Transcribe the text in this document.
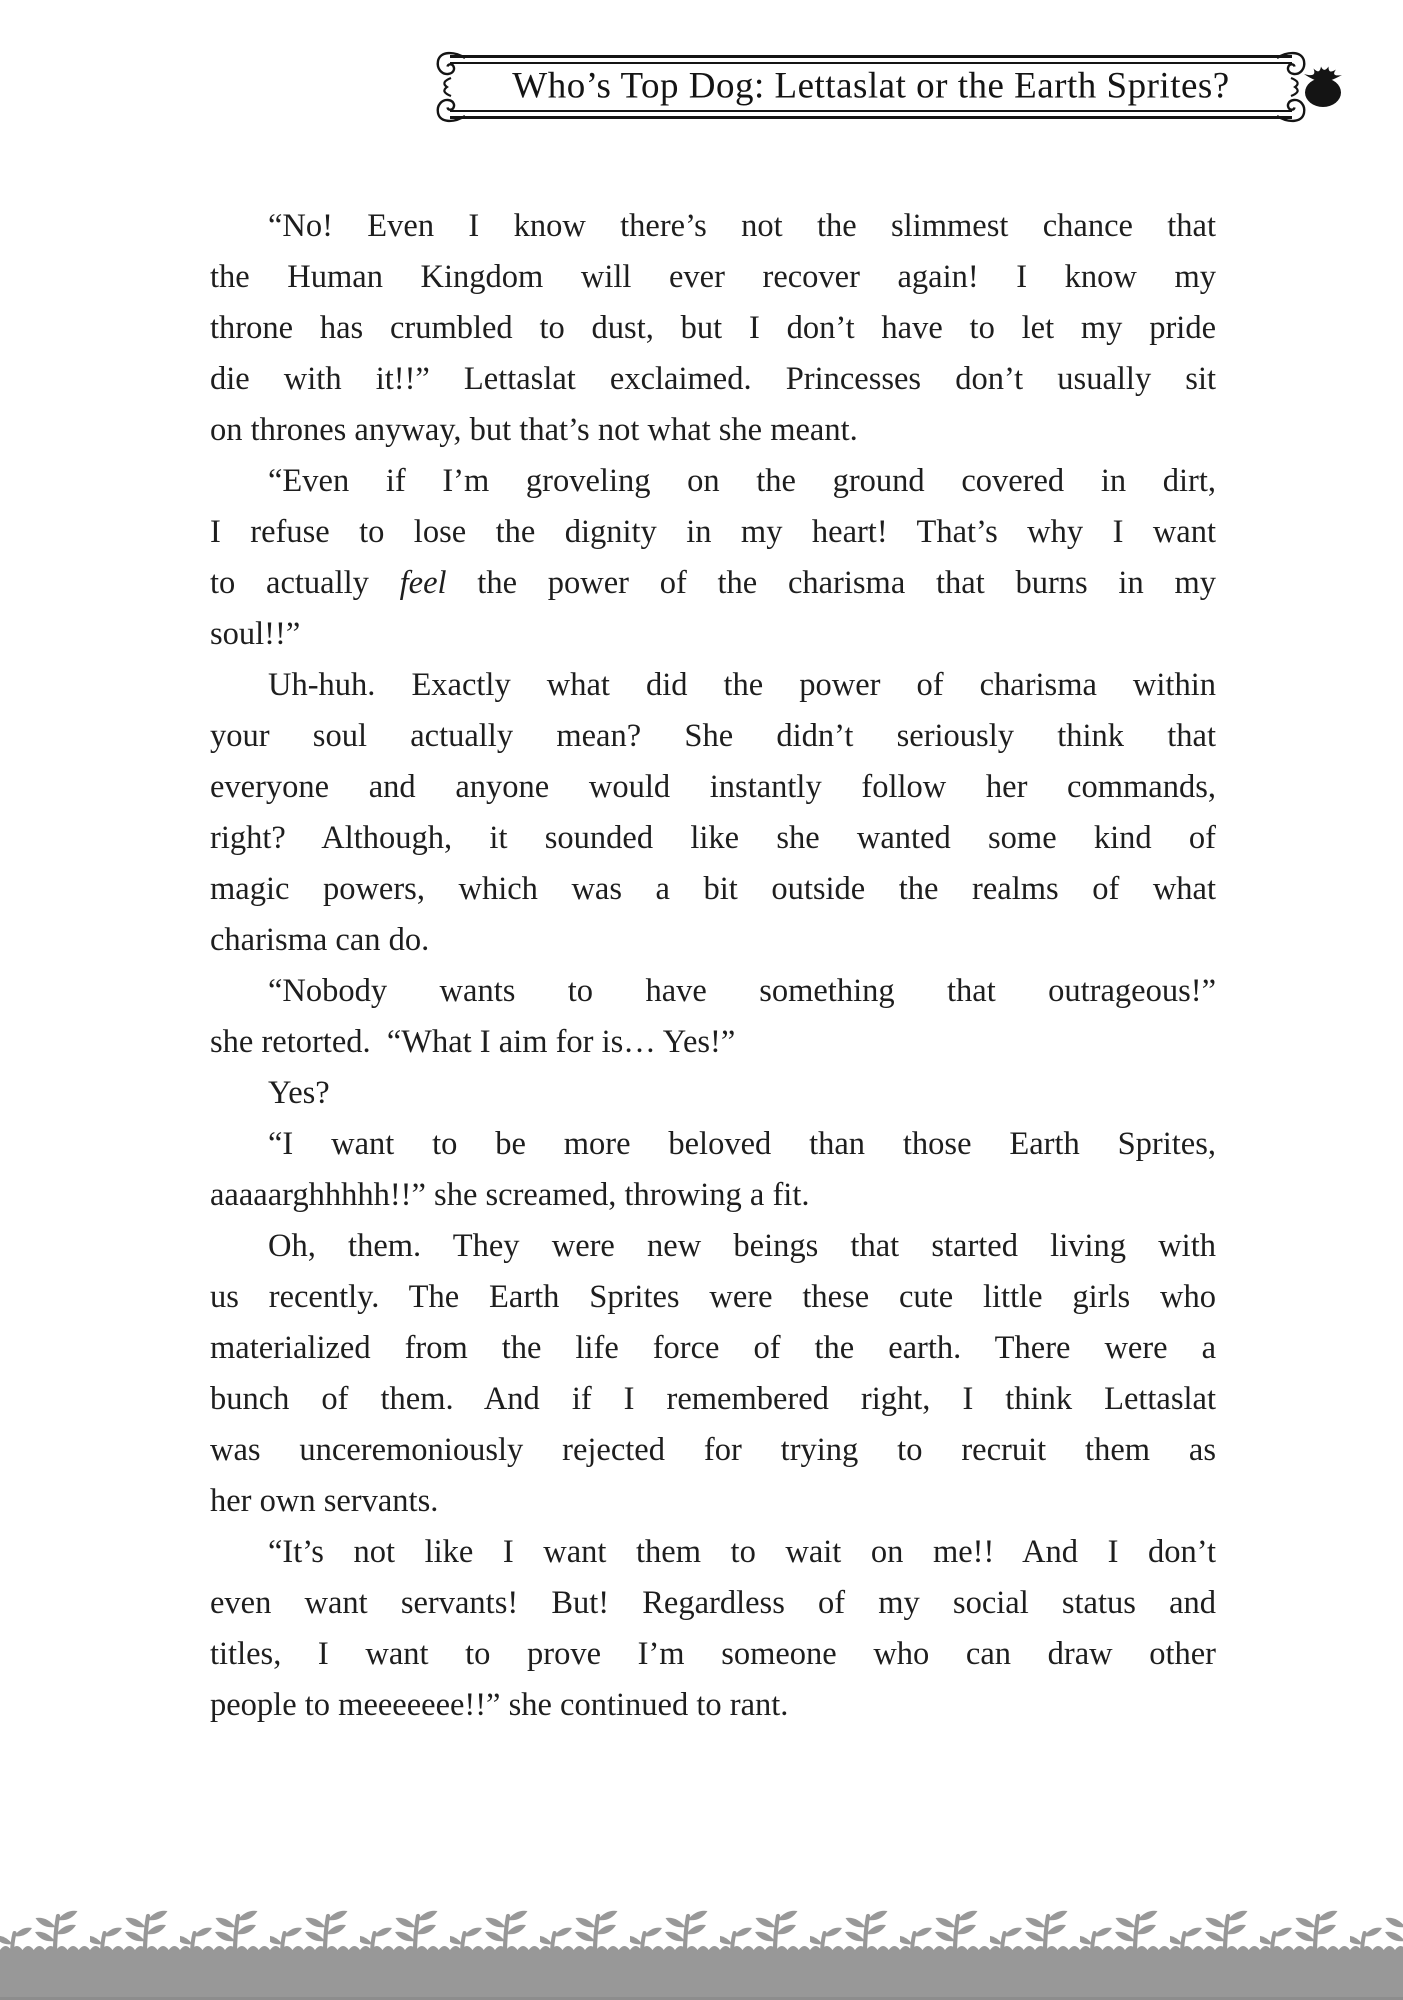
Who’s Top Dog: Lettaslat or the Earth Sprites?
“No! Even I know there’s not the slimmest chance that
the Human Kingdom will ever recover again! I know my
throne has crumbled to dust, but I don’t have to let my pride
die with it!!” Lettaslat exclaimed. Princesses don’t usually sit
on thrones anyway, but that’s not what she meant.
“Even if I’m groveling on the ground covered in dirt,
I refuse to lose the dignity in my heart! That’s why I want
to actually feel the power of the charisma that burns in my
soul!!”
Uh-huh. Exactly what did the power of charisma within
your soul actually mean? She didn’t seriously think that
everyone and anyone would instantly follow her commands,
right? Although, it sounded like she wanted some kind of
magic powers, which was a bit outside the realms of what
charisma can do.
“Nobody wants to have something that outrageous!”
she retorted.  “What I aim for is… Yes!”
Yes?
“I want to be more beloved than those Earth Sprites,
aaaaarghhhhh!!” she screamed, throwing a fit.
Oh, them. They were new beings that started living with
us recently. The Earth Sprites were these cute little girls who
materialized from the life force of the earth. There were a
bunch of them. And if I remembered right, I think Lettaslat
was unceremoniously rejected for trying to recruit them as
her own servants.
“It’s not like I want them to wait on me!! And I don’t
even want servants! But! Regardless of my social status and
titles, I want to prove I’m someone who can draw other
people to meeeeeee!!” she continued to rant.
